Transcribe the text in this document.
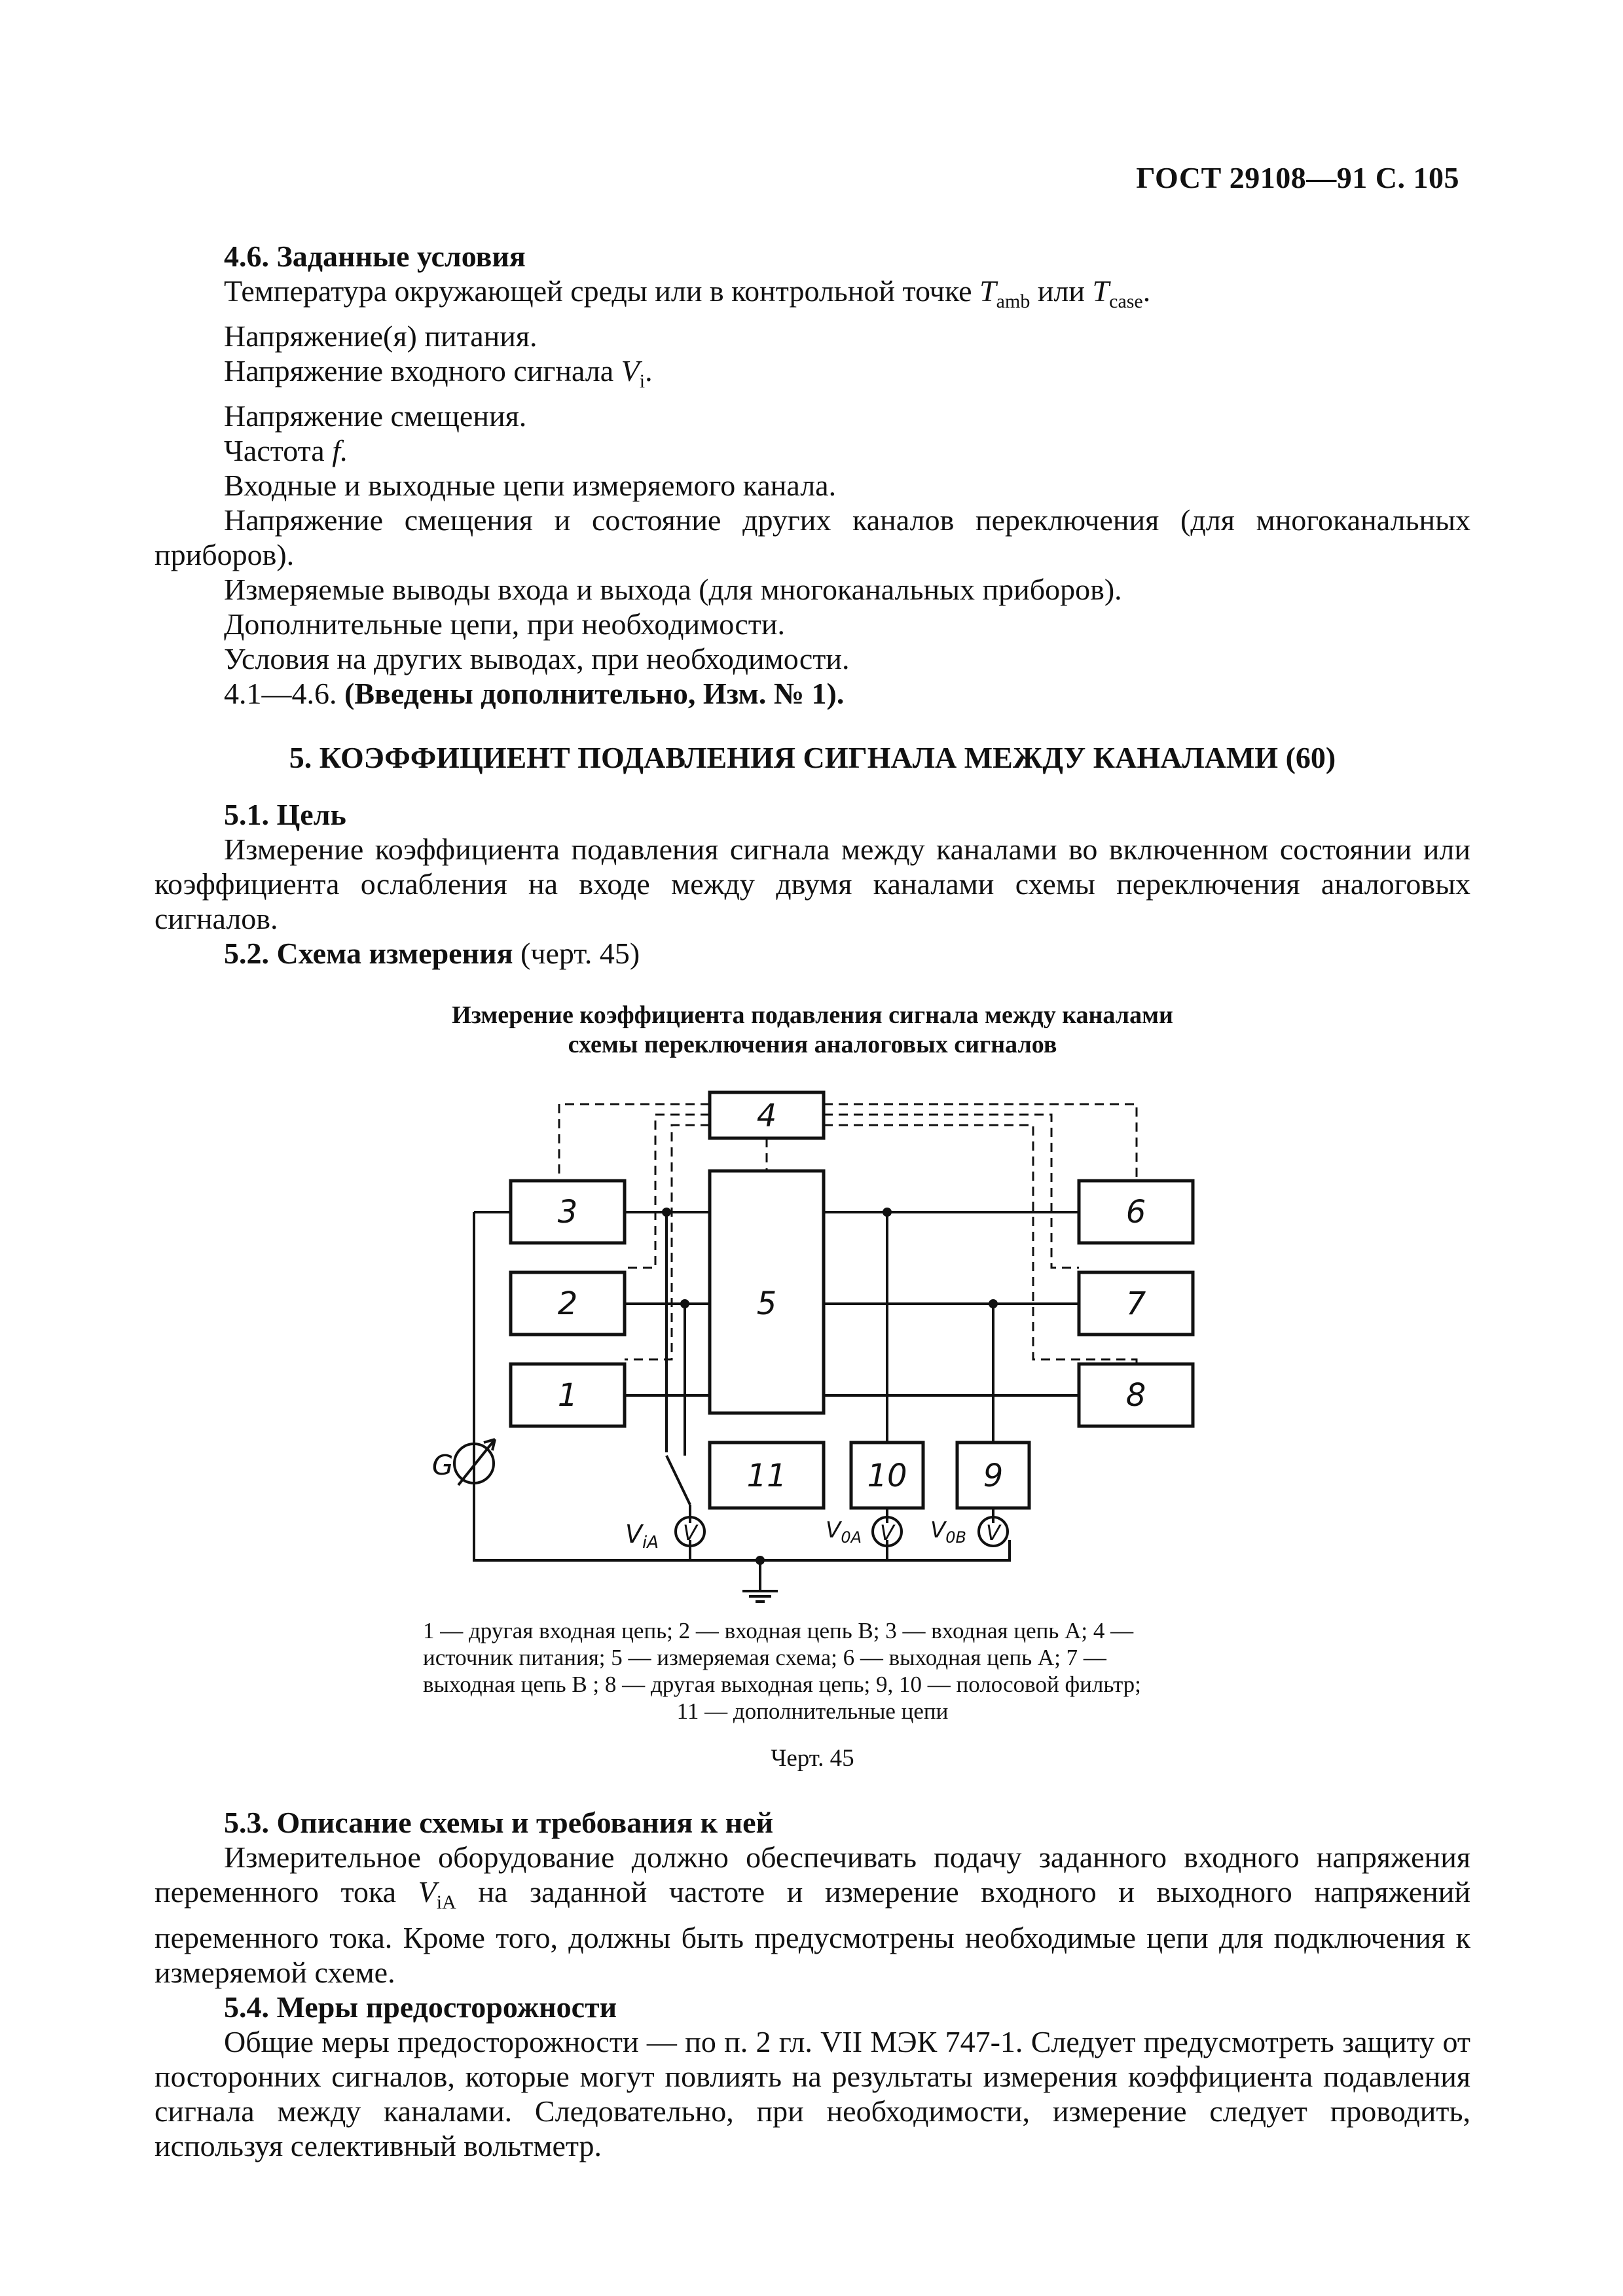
ГОСТ 29108—91 С. 105
4.6. Заданные условия
Температура окружающей среды или в контрольной точке $T_{amb}$ или $T_{case}$.
Напряжение(я) питания.
Напряжение входного сигнала $V_i$.
Напряжение смещения.
Частота f.
Входные и выходные цепи измеряемого канала.
Напряжение смещения и состояние других каналов переключения (для многоканальных приборов).
Измеряемые выводы входа и выхода (для многоканальных приборов).
Дополнительные цепи, при необходимости.
Условия на других выводах, при необходимости.
4.1—4.6. (Введены дополнительно, Изм. № 1).
5. КОЭФФИЦИЕНТ ПОДАВЛЕНИЯ СИГНАЛА МЕЖДУ КАНАЛАМИ (60)
5.1. Цель
Измерение коэффициента подавления сигнала между каналами во включенном состоянии или коэффициента ослабления на входе между двумя каналами схемы переключения аналоговых сигналов.
5.2. Схема измерения (черт. 45)
Измерение коэффициента подавления сигнала между каналами
схемы переключения аналоговых сигналов
4
3
2
1
5
6
7
8
11	10 9
G
V
$V_{iA}$	V
$V_{0A}$	V
$V_{0B}$
1 — другая входная цепь; 2 — входная цепь B; 3 — входная цепь A; 4 —
источник питания; 5 — измеряемая схема; 6 — выходная цепь A; 7 —
выходная цепь B ; 8 — другая выходная цепь; 9, 10 — полосовой фильтр;
11 — дополнительные цепи
Черт. 45
5.3. Описание схемы и требования к ней
Измерительное оборудование должно обеспечивать подачу заданного входного напряжения переменного тока $V_{iA}$ на заданной частоте и измерение входного и выходного напряжений переменного тока. Кроме того, должны быть предусмотрены необходимые цепи для подключения к измеряемой схеме.
5.4. Меры предосторожности
Общие меры предосторожности — по п. 2 гл. VII МЭК 747-1. Следует предусмотреть защиту от посторонних сигналов, которые могут повлиять на результаты измерения коэффициента подавления сигнала между каналами. Следовательно, при необходимости, измерение следует проводить, используя селективный вольтметр.
